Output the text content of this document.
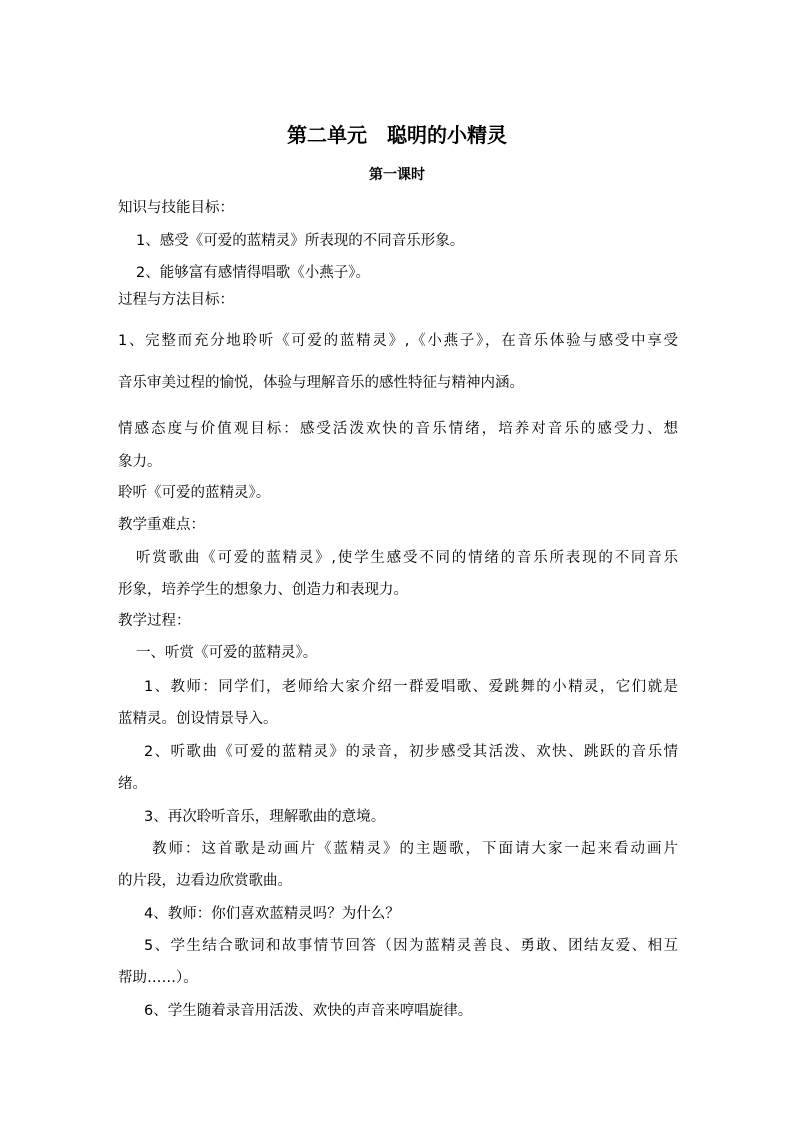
第二单元　聪明的小精灵
第一课时
知识与技能目标：
1、感受《可爱的蓝精灵》所表现的不同音乐形象。
2、能够富有感情得唱歌《小燕子》。
过程与方法目标：
1、完整而充分地聆听《可爱的蓝精灵》,《小燕子》，在音乐体验与感受中享受
音乐审美过程的愉悦，体验与理解音乐的感性特征与精神内涵。
情感态度与价值观目标：感受活泼欢快的音乐情绪，培养对音乐的感受力、想
象力。
聆听《可爱的蓝精灵》。
教学重难点：
听赏歌曲《可爱的蓝精灵》,使学生感受不同的情绪的音乐所表现的不同音乐
形象，培养学生的想象力、创造力和表现力。
教学过程：
一、听赏《可爱的蓝精灵》。
1、教师：同学们，老师给大家介绍一群爱唱歌、爱跳舞的小精灵，它们就是
蓝精灵。创设情景导入。
2、听歌曲《可爱的蓝精灵》的录音，初步感受其活泼、欢快、跳跃的音乐情
绪。
3、再次聆听音乐，理解歌曲的意境。
教师：这首歌是动画片《蓝精灵》的主题歌，下面请大家一起来看动画片
的片段，边看边欣赏歌曲。
4、教师：你们喜欢蓝精灵吗？为什么？
5、学生结合歌词和故事情节回答（因为蓝精灵善良、勇敢、团结友爱、相互
帮助……）。
6、学生随着录音用活泼、欢快的声音来哼唱旋律。
